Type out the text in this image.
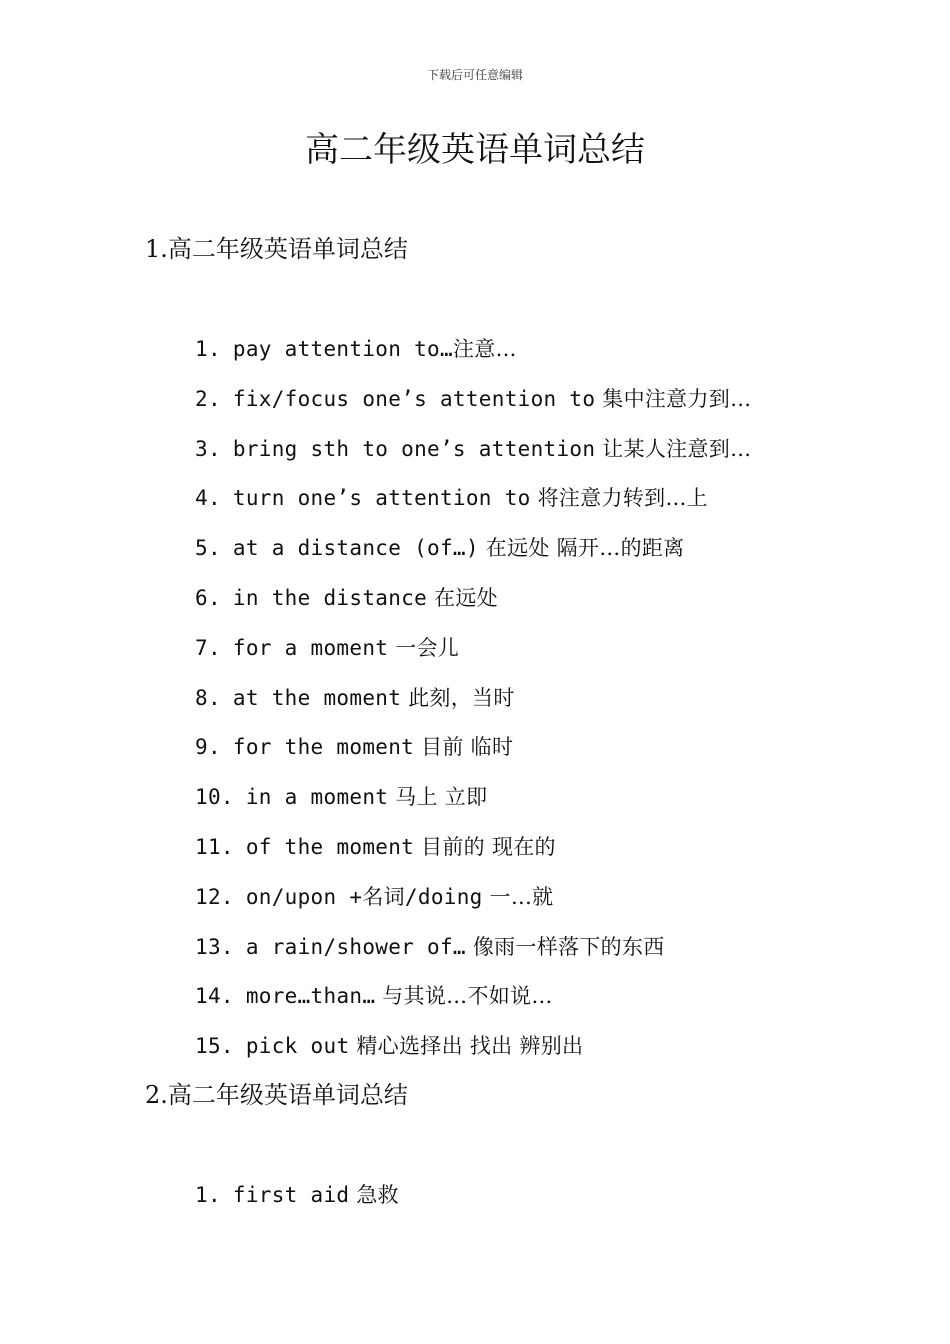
下载后可任意编辑
高二年级英语单词总结
1.高二年级英语单词总结
1. pay attention to…注意…
2. fix/focus one’s attention to 集中注意力到…
3. bring sth to one’s attention 让某人注意到…
4. turn one’s attention to 将注意力转到…上
5. at a distance (of…) 在远处 隔开…的距离
6. in the distance 在远处
7. for a moment 一会儿
8. at the moment 此刻，当时
9. for the moment 目前 临时
10. in a moment 马上 立即
11. of the moment 目前的 现在的
12. on/upon +名词/doing 一…就
13. a rain/shower of… 像雨一样落下的东西
14. more…than… 与其说…不如说…
15. pick out 精心选择出 找出 辨别出
2.高二年级英语单词总结
1. first aid 急救
